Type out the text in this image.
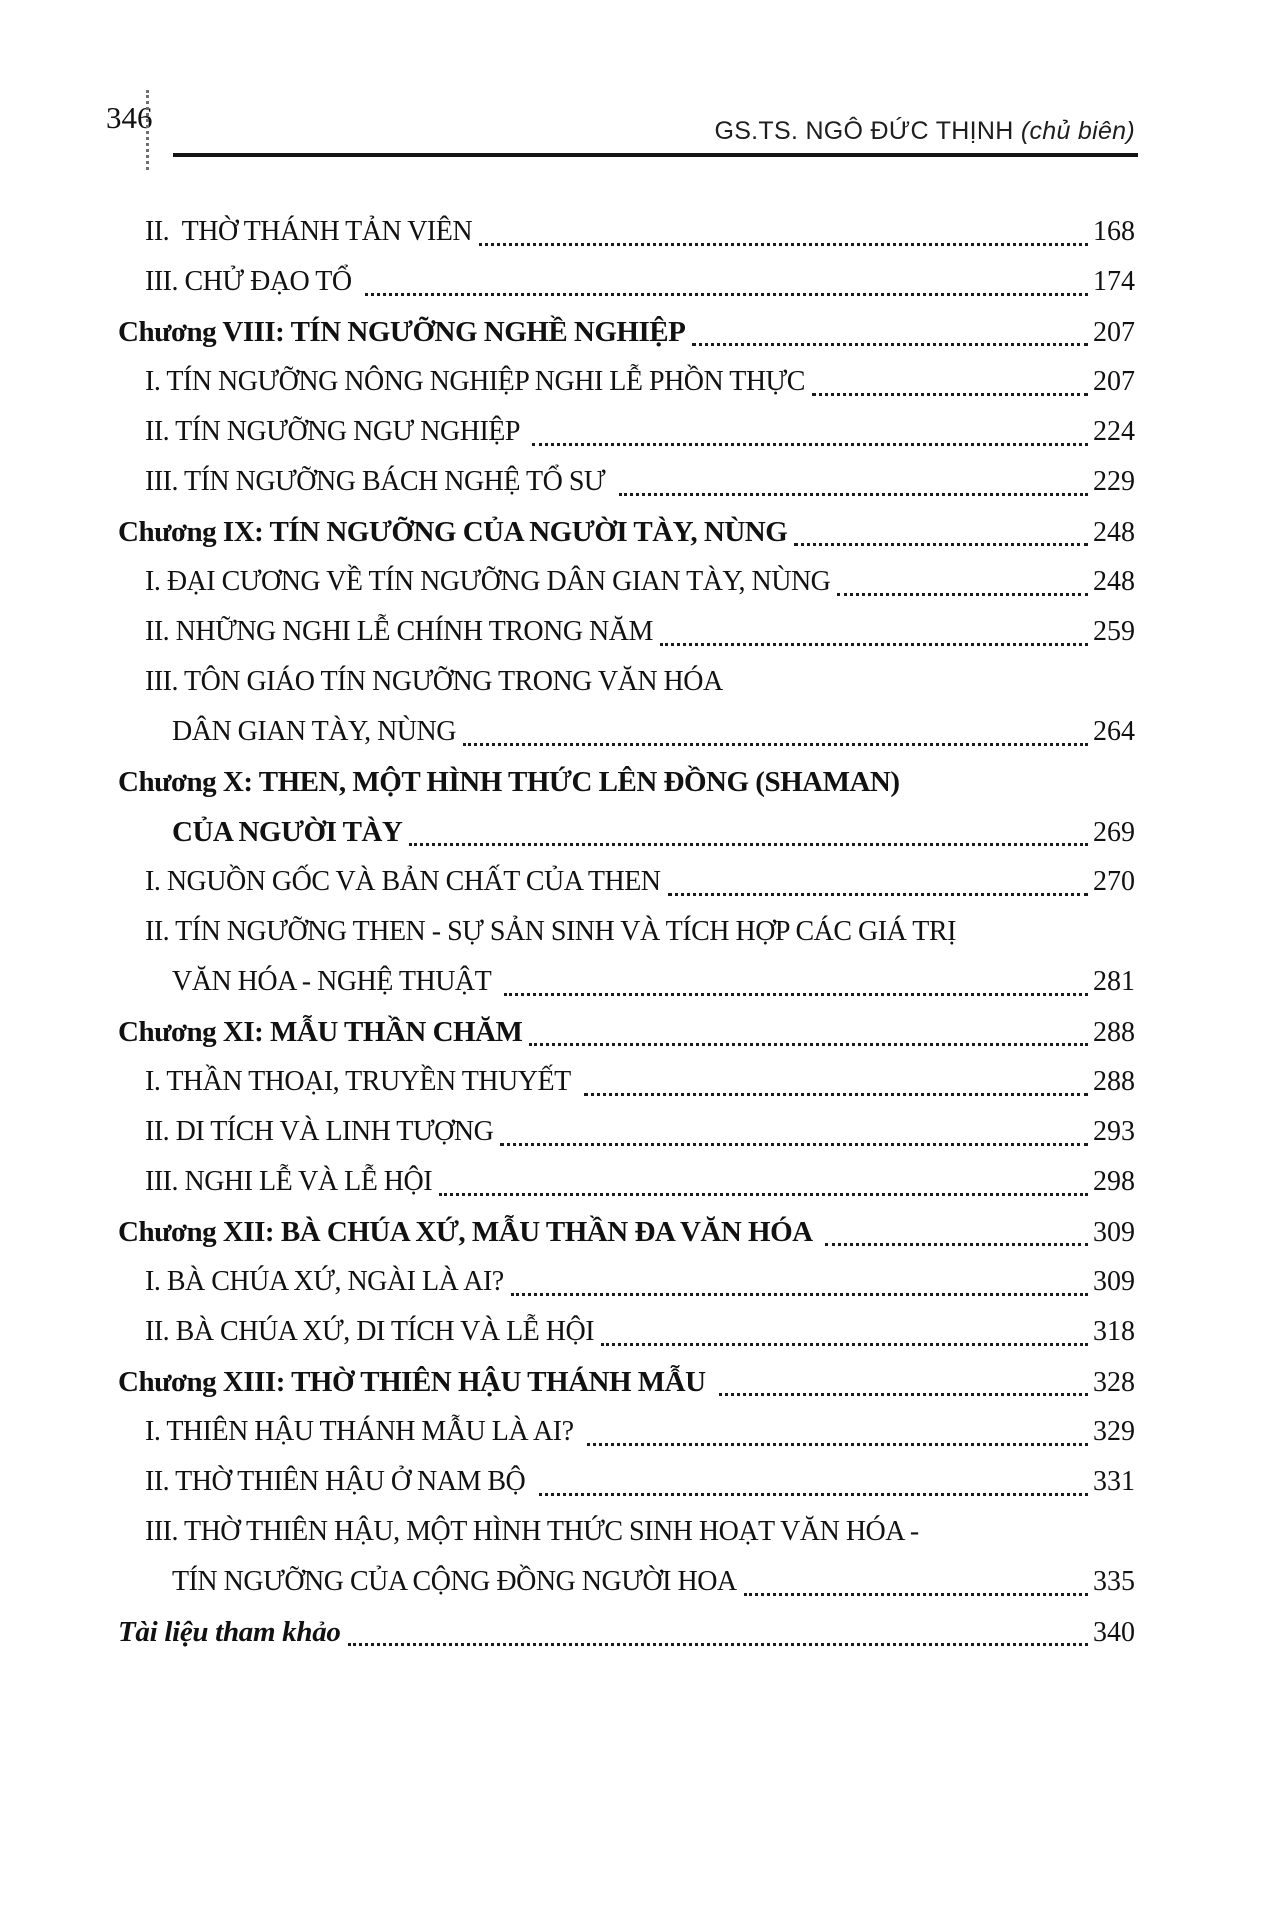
346	GS.TS. NGÔ ĐỨC THỊNH (chủ biên)
II.  THỜ THÁNH TẢN VIÊN	168
III. CHỬ ĐẠO TỔ	174
Chương VIII: TÍN NGƯỠNG NGHỀ NGHIỆP	207
I. TÍN NGƯỠNG NÔNG NGHIỆP NGHI LỄ PHỒN THỰC	207
II. TÍN NGƯỠNG NGƯ NGHIỆP	224
III. TÍN NGƯỠNG BÁCH NGHỆ TỔ SƯ	229
Chương IX: TÍN NGƯỠNG CỦA NGƯỜI TÀY, NÙNG	248
I. ĐẠI CƯƠNG VỀ TÍN NGƯỠNG DÂN GIAN TÀY, NÙNG	248
II. NHỮNG NGHI LỄ CHÍNH TRONG NĂM	259
III. TÔN GIÁO TÍN NGƯỠNG TRONG VĂN HÓA
DÂN GIAN TÀY, NÙNG	264
Chương X: THEN, MỘT HÌNH THỨC LÊN ĐỒNG (SHAMAN)
CỦA NGƯỜI TÀY	269
I. NGUỒN GỐC VÀ BẢN CHẤT CỦA THEN	270
II. TÍN NGƯỠNG THEN - SỰ SẢN SINH VÀ TÍCH HỢP CÁC GIÁ TRỊ
VĂN HÓA - NGHỆ THUẬT	281
Chương XI: MẪU THẦN CHĂM	288
I. THẦN THOẠI, TRUYỀN THUYẾT	288
II. DI TÍCH VÀ LINH TƯỢNG	293
III. NGHI LỄ VÀ LỄ HỘI	298
Chương XII: BÀ CHÚA XỨ, MẪU THẦN ĐA VĂN HÓA	309
I. BÀ CHÚA XỨ, NGÀI LÀ AI?	309
II. BÀ CHÚA XỨ, DI TÍCH VÀ LỄ HỘI	318
Chương XIII: THỜ THIÊN HẬU THÁNH MẪU	328
I. THIÊN HẬU THÁNH MẪU LÀ AI?	329
II. THỜ THIÊN HẬU Ở NAM BỘ	331
III. THỜ THIÊN HẬU, MỘT HÌNH THỨC SINH HOẠT VĂN HÓA -
TÍN NGƯỠNG CỦA CỘNG ĐỒNG NGƯỜI HOA	335
Tài liệu tham khảo	340
